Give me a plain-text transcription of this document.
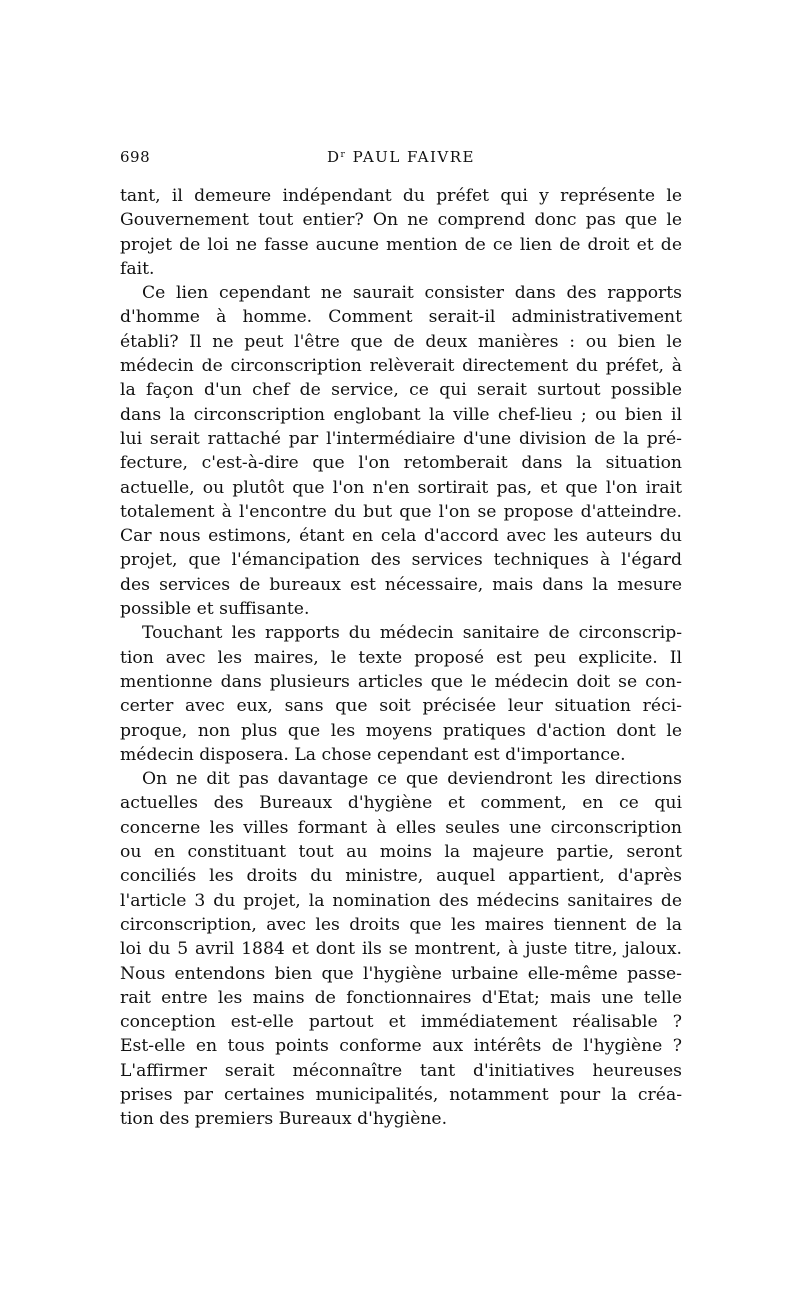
698	$D^r$ PAUL FAIVRE
tant, il demeure indépendant du préfet qui y représente le
Gouvernement tout entier? On ne comprend donc pas que le
projet de loi ne fasse aucune mention de ce lien de droit et de
fait.
Ce lien cependant ne saurait consister dans des rapports
d'homme à homme. Comment serait-il administrativement
établi? Il ne peut l'être que de deux manières : ou bien le
médecin de circonscription relèverait directement du préfet, à
la façon d'un chef de service, ce qui serait surtout possible
dans la circonscription englobant la ville chef-lieu ; ou bien il
lui serait rattaché par l'intermédiaire d'une division de la pré-
fecture, c'est-à-dire que l'on retomberait dans la situation
actuelle, ou plutôt que l'on n'en sortirait pas, et que l'on irait
totalement à l'encontre du but que l'on se propose d'atteindre.
Car nous estimons, étant en cela d'accord avec les auteurs du
projet, que l'émancipation des services techniques à l'égard
des services de bureaux est nécessaire, mais dans la mesure
possible et suffisante.
Touchant les rapports du médecin sanitaire de circonscrip-
tion avec les maires, le texte proposé est peu explicite. Il
mentionne dans plusieurs articles que le médecin doit se con-
certer avec eux, sans que soit précisée leur situation réci-
proque, non plus que les moyens pratiques d'action dont le
médecin disposera. La chose cependant est d'importance.
On ne dit pas davantage ce que deviendront les directions
actuelles des Bureaux d'hygiène et comment, en ce qui
concerne les villes formant à elles seules une circonscription
ou en constituant tout au moins la majeure partie, seront
conciliés les droits du ministre, auquel appartient, d'après
l'article 3 du projet, la nomination des médecins sanitaires de
circonscription, avec les droits que les maires tiennent de la
loi du 5 avril 1884 et dont ils se montrent, à juste titre, jaloux.
Nous entendons bien que l'hygiène urbaine elle-même passe-
rait entre les mains de fonctionnaires d'Etat; mais une telle
conception est-elle partout et immédiatement réalisable ?
Est-elle en tous points conforme aux intérêts de l'hygiène ?
L'affirmer serait méconnaître tant d'initiatives heureuses
prises par certaines municipalités, notamment pour la créa-
tion des premiers Bureaux d'hygiène.
